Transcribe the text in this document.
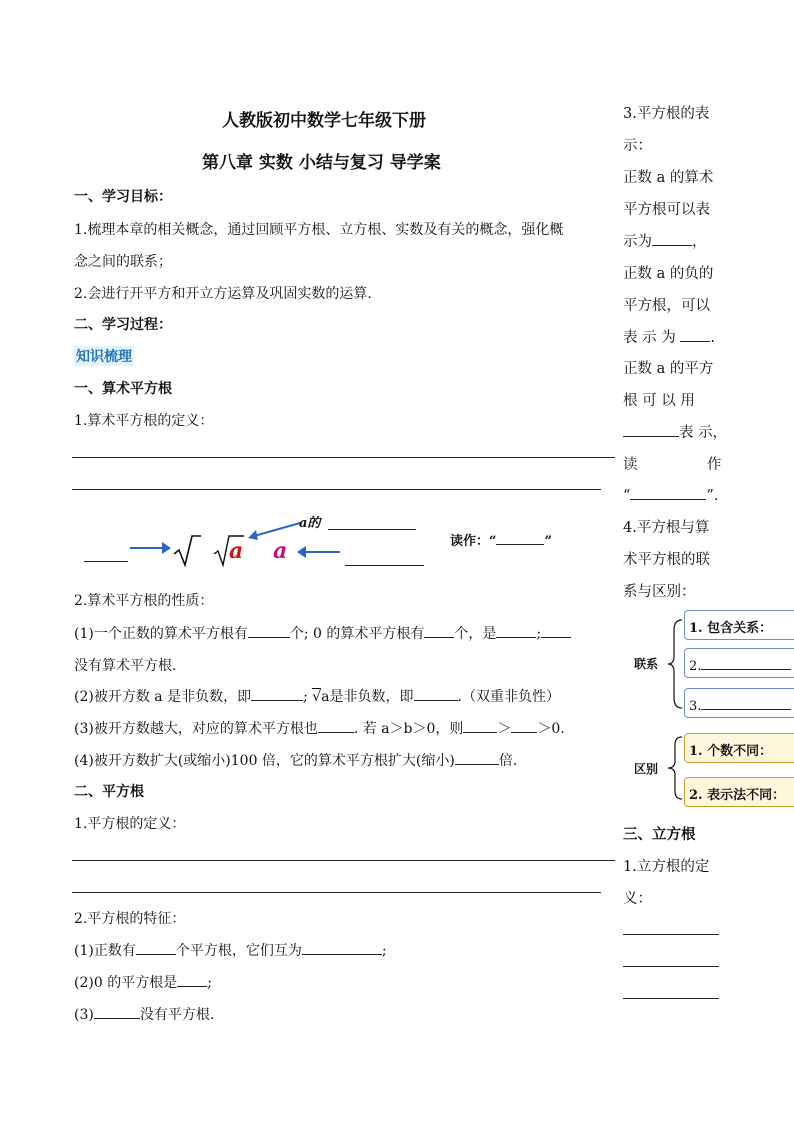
人教版初中数学七年级下册
第八章 实数 小结与复习 导学案
一、学习目标：
1.梳理本章的相关概念，通过回顾平方根、立方根、实数及有关的概念，强化概
念之间的联系；
2.会进行开平方和开立方运算及巩固实数的运算.
二、学习过程：
知识梳理
一、算术平方根
1.算术平方根的定义：
a a
a的
读作：“	”
2.算术平方根的性质：
(1)一个正数的算术平方根有	个; 0 的算术平方根有 个，是	;
没有算术平方根.
(2)被开方数 a 是非负数，即	; √a是非负数，即	.（双重非负性）
(3)被开方数越大，对应的算术平方根也	. 若 a＞b＞0，则 ＞ ＞0.
(4)被开方数扩大(或缩小)100 倍，它的算术平方根扩大(缩小)	倍.
二、平方根
1.平方根的定义：
2.平方根的特征：
(1)正数有	个平方根，它们互为	;
(2)0 的平方根是 ;
(3)	没有平方根.
3.平方根的表
示：
正数 a 的算术
平方根可以表
示为	，
正数 a 的负的
平方根，可以
表 示 为 .
正数 a 的平方
根 可 以 用
表 示，
读	作
“	”.
4.平方根与算
术平方根的联
系与区别：
联系
1. 包含关系：
2.
3.
区别
1. 个数不同：
2. 表示法不同：
三、立方根
1.立方根的定
义：
